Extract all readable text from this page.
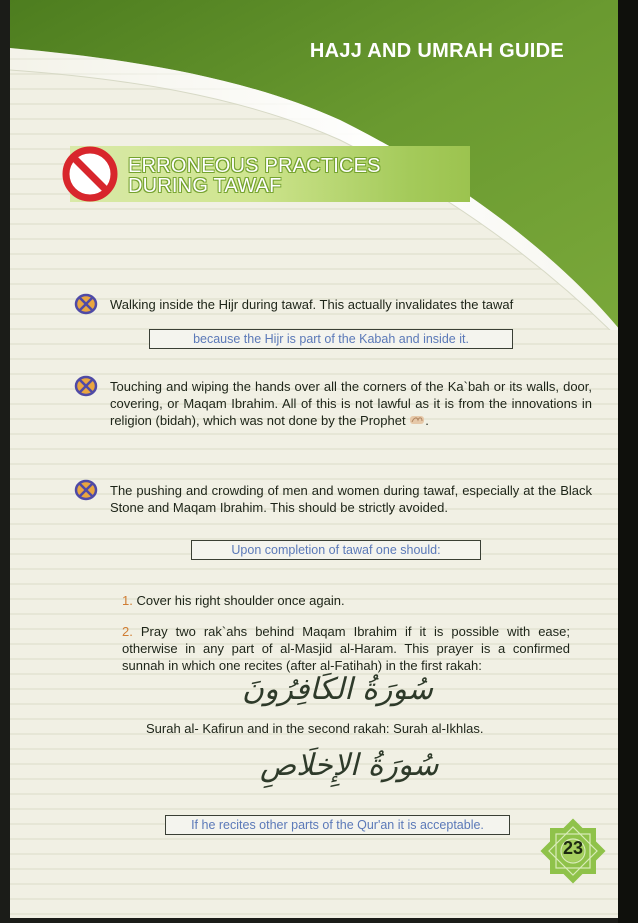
HAJJ AND UMRAH GUIDE
ERRONEOUS PRACTICES
DURING TAWAF
Walking inside the Hijr during tawaf. This actually invalidates the tawaf
because the Hijr is part of the Kabah and inside it.
Touching and wiping the hands over all the corners of the Ka`bah or its walls, door, covering, or Maqam Ibrahim. All of this is not lawful as it is from the innovations in religion (bidah), which was not done by the Prophet .
The pushing and crowding of men and women during tawaf, especially at the Black Stone and Maqam Ibrahim. This should be strictly avoided.
Upon completion of tawaf one should:
1. Cover his right shoulder once again.
2. Pray two rak`ahs behind Maqam Ibrahim if it is possible with ease; otherwise in any part of al-Masjid al-Haram. This prayer is a confirmed sunnah in which one recites (after al-Fatihah) in the first rakah:
سُورَةُ الكَافِرُونَ
Surah al- Kafirun and in the second rakah: Surah al-Ikhlas.
سُورَةُ الإِخلَاصِ
If he recites other parts of the Qur'an it is acceptable.
23
